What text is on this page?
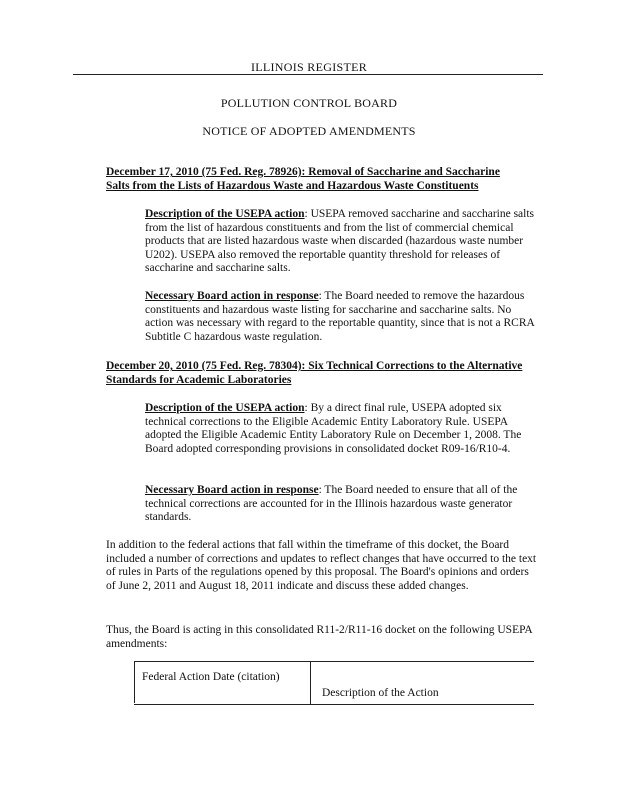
ILLINOIS REGISTER
POLLUTION CONTROL BOARD
NOTICE OF ADOPTED AMENDMENTS
December 17, 2010 (75 Fed. Reg. 78926): Removal of Saccharine and Saccharine Salts from the Lists of Hazardous Waste and Hazardous Waste Constituents
Description of the USEPA action: USEPA removed saccharine and saccharine salts from the list of hazardous constituents and from the list of commercial chemical products that are listed hazardous waste when discarded (hazardous waste number U202). USEPA also removed the reportable quantity threshold for releases of saccharine and saccharine salts.
Necessary Board action in response: The Board needed to remove the hazardous constituents and hazardous waste listing for saccharine and saccharine salts. No action was necessary with regard to the reportable quantity, since that is not a RCRA Subtitle C hazardous waste regulation.
December 20, 2010 (75 Fed. Reg. 78304): Six Technical Corrections to the Alternative Standards for Academic Laboratories
Description of the USEPA action: By a direct final rule, USEPA adopted six technical corrections to the Eligible Academic Entity Laboratory Rule. USEPA adopted the Eligible Academic Entity Laboratory Rule on December 1, 2008. The Board adopted corresponding provisions in consolidated docket R09-16/R10-4.
Necessary Board action in response: The Board needed to ensure that all of the technical corrections are accounted for in the Illinois hazardous waste generator standards.
In addition to the federal actions that fall within the timeframe of this docket, the Board included a number of corrections and updates to reflect changes that have occurred to the text of rules in Parts of the regulations opened by this proposal. The Board's opinions and orders of June 2, 2011 and August 18, 2011 indicate and discuss these added changes.
Thus, the Board is acting in this consolidated R11-2/R11-16 docket on the following USEPA amendments:
Federal Action Date (citation)
Description of the Action
